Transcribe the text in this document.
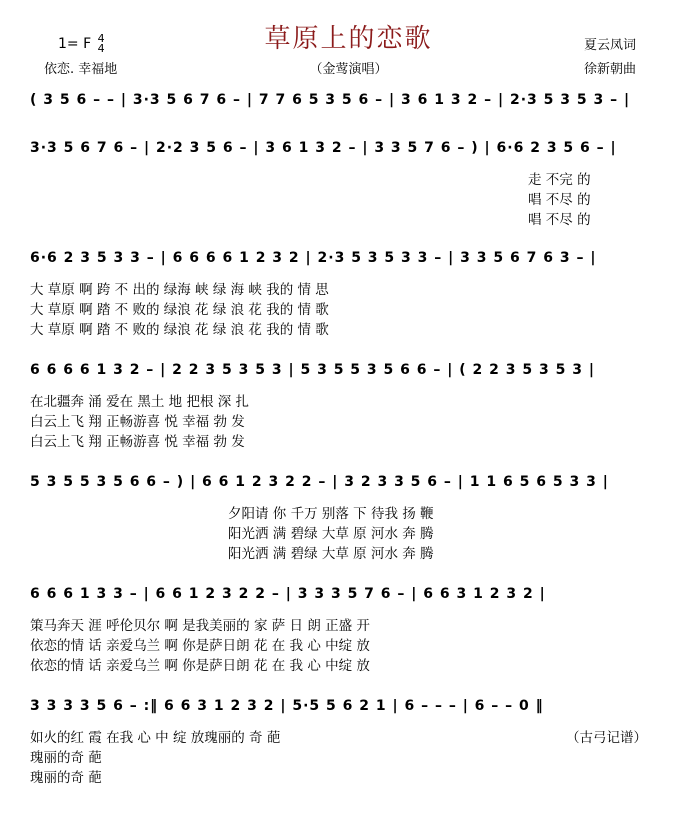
1= F 4
4
依恋. 幸福地
草原上的恋歌
（金莺演唱）
夏云凤词
徐新朝曲
( 3 5 6 – – | 3·3 5 6 7 6 – | 7 7 6 5 3 5 6 – | 3 6 1 3 2 – | 2·3 5 3 5 3 – |
3·3 5 6 7 6 – | 2·2 3 5 6 – | 3 6 1 3 2 – | 3 3 5 7 6 – ) | 6·6 2 3 5 6 – |
走 不完 的
唱 不尽 的
唱 不尽 的
6·6 2 3 5 3 3 – | 6 6 6 6 1 2 3 2 | 2·3 5 3 5 3 3 – | 3 3 5 6 7 6 3 – |
大 草原 啊 跨 不 出的 绿海 峡 绿 海 峡 我的 情 思
大 草原 啊 踏 不 败的 绿浪 花 绿 浪 花 我的 情 歌
大 草原 啊 踏 不 败的 绿浪 花 绿 浪 花 我的 情 歌
6 6 6 6 1 3 2 – | 2 2 3 5 3 5 3 | 5 3 5 5 3 5 6 6 – | ( 2 2 3 5 3 5 3 |
在北疆奔 涌 爱在 黑土 地 把根 深 扎
白云上飞 翔 正畅游喜 悦 幸福 勃 发
白云上飞 翔 正畅游喜 悦 幸福 勃 发
5 3 5 5 3 5 6 6 – ) | 6 6 1 2 3 2 2 – | 3 2 3 3 5 6 – | 1 1 6 5 6 5 3 3 |
夕阳请 你 千万 别落 下 待我 扬 鞭
阳光洒 满 碧绿 大草 原 河水 奔 腾
阳光洒 满 碧绿 大草 原 河水 奔 腾
6 6 6 1 3 3 – | 6 6 1 2 3 2 2 – | 3 3 3 5 7 6 – | 6 6 3 1 2 3 2 |
策马奔天 涯 呼伦贝尔 啊 是我美丽的 家 萨 日 朗 正盛 开
依恋的情 话 亲爱乌兰 啊 你是萨日朗 花 在 我 心 中绽 放
依恋的情 话 亲爱乌兰 啊 你是萨日朗 花 在 我 心 中绽 放
3 3 3 3 5 6 – :‖ 6 6 3 1 2 3 2 | 5·5 5 6 2 1 | 6 – – – | 6 – – 0 ‖
如火的红 霞 在我 心 中 绽 放瑰丽的 奇 葩
瑰丽的奇 葩
瑰丽的奇 葩
（古弓记谱）
